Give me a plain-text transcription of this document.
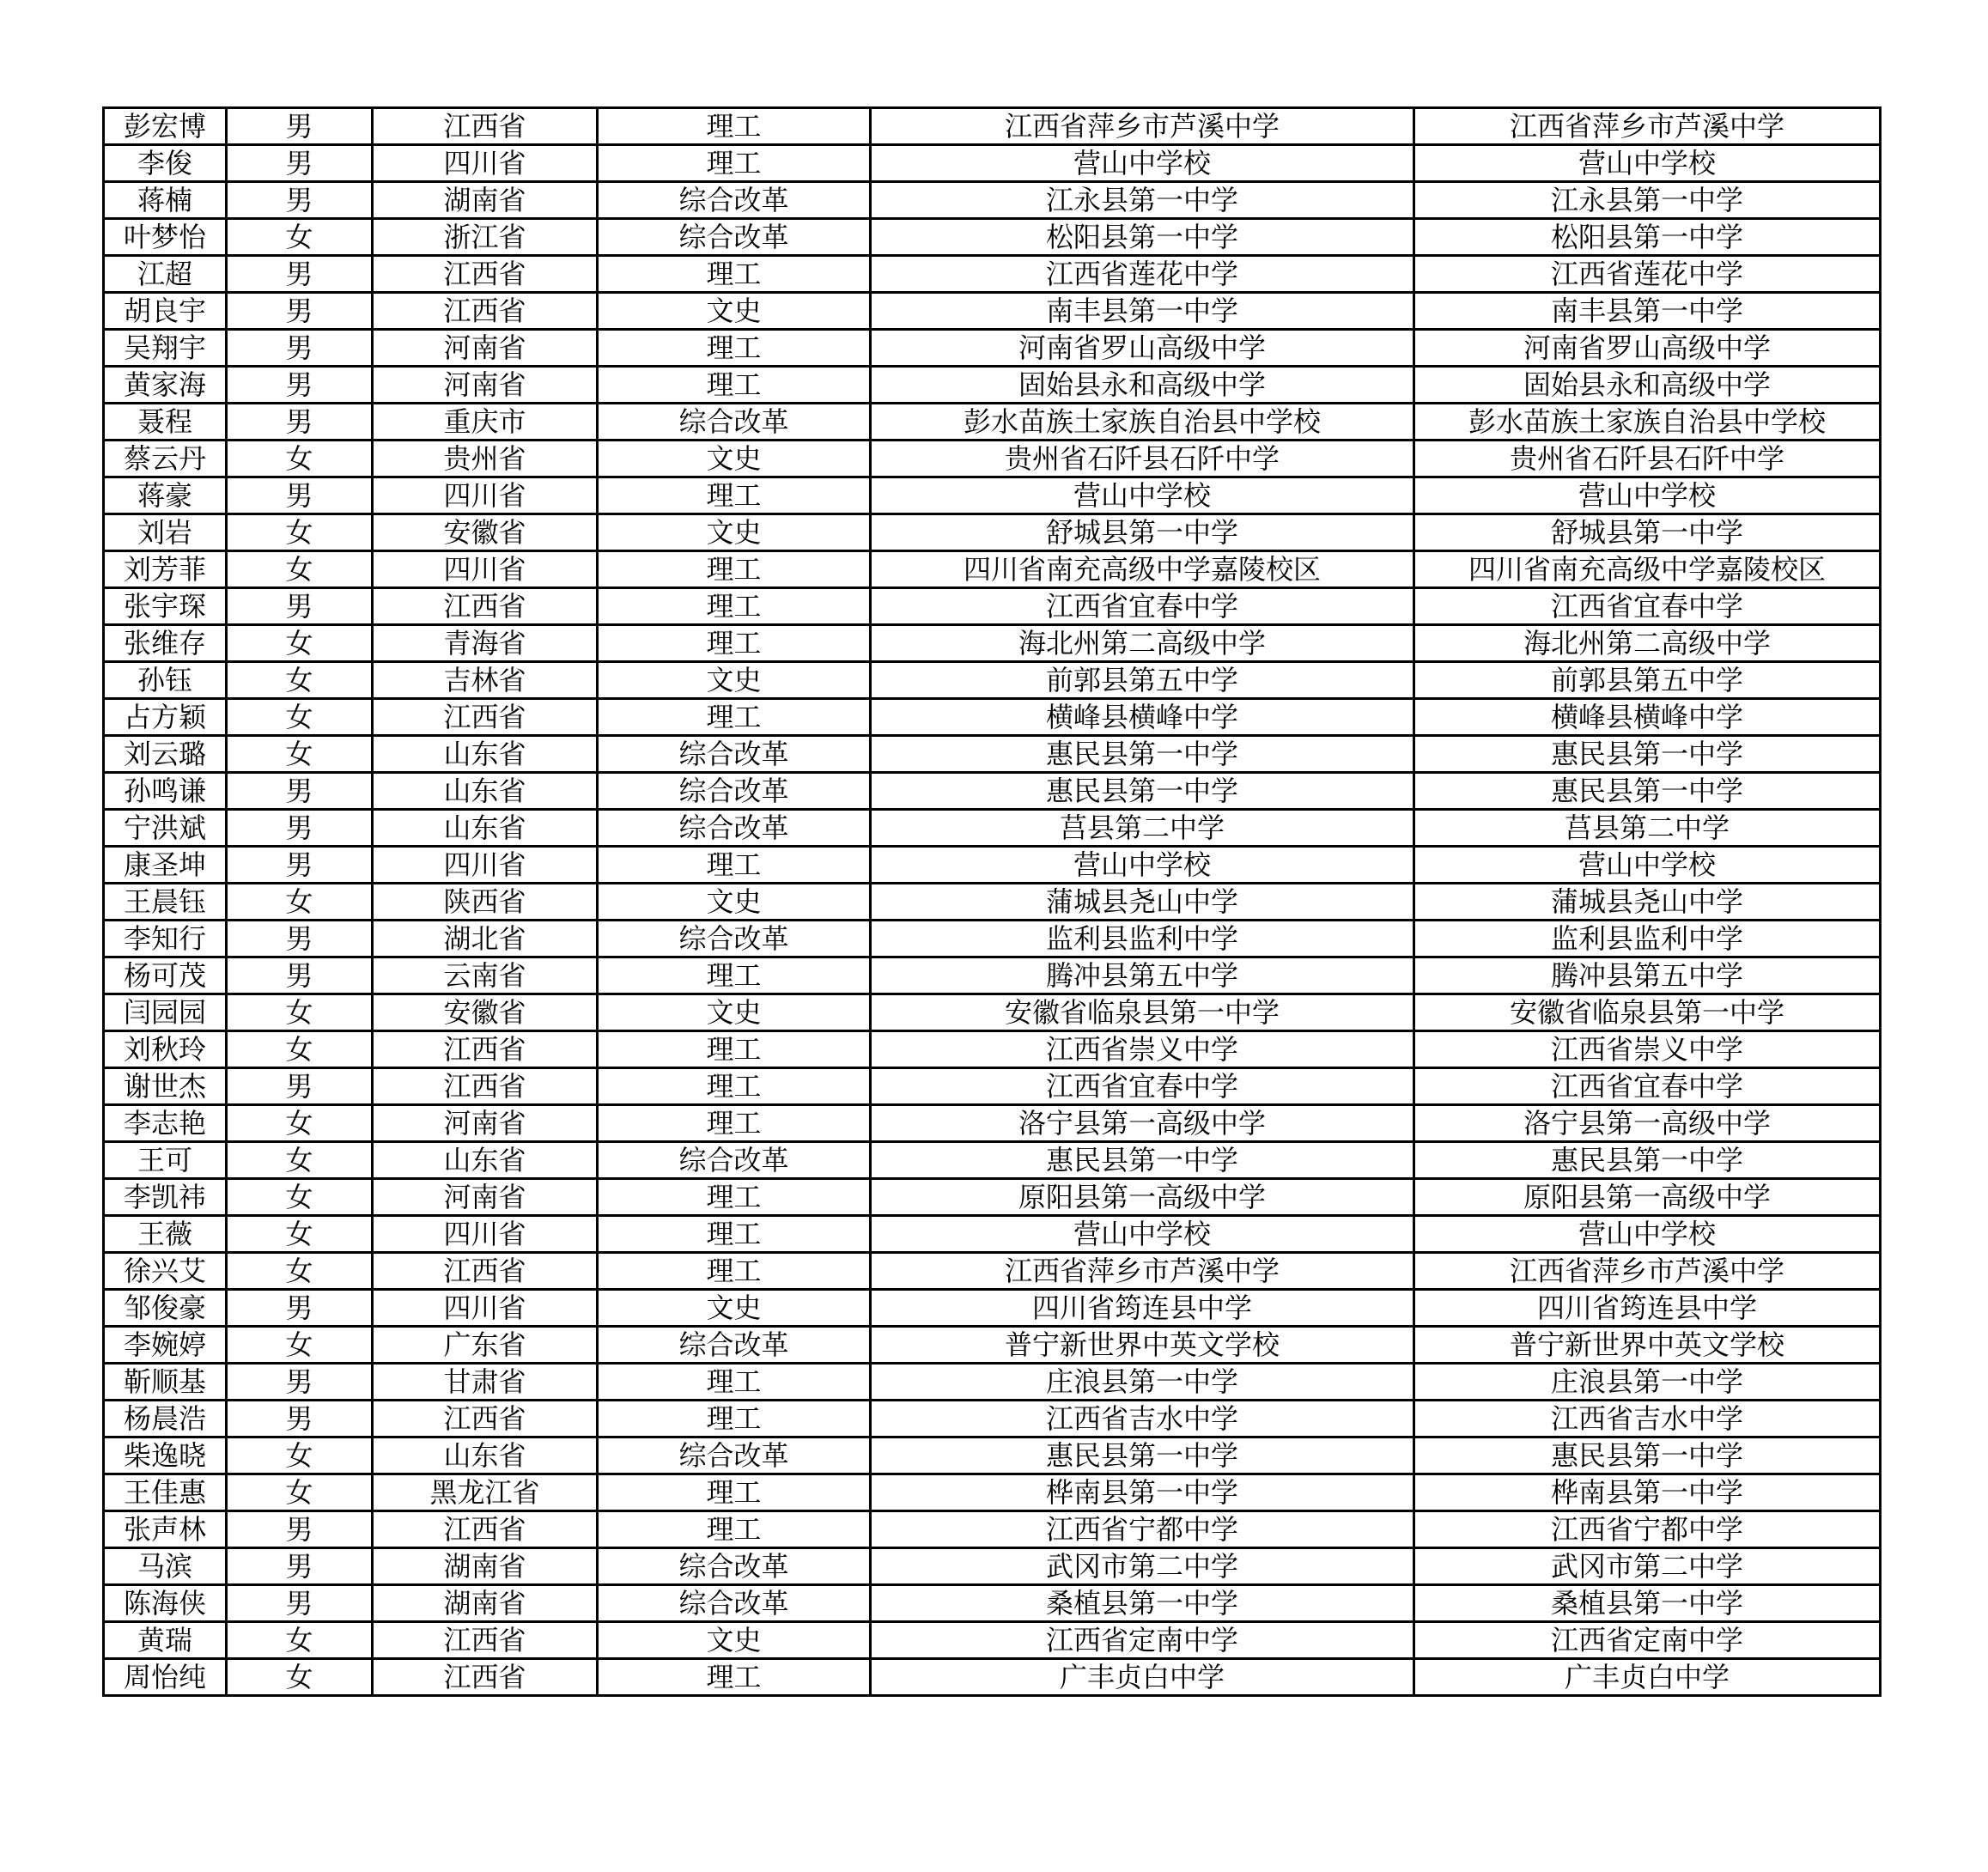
彭宏博	男	江西省	理工	江西省萍乡市芦溪中学	江西省萍乡市芦溪中学
李俊	男	四川省	理工	营山中学校	营山中学校
蒋楠	男	湖南省	综合改革	江永县第一中学	江永县第一中学
叶梦怡	女	浙江省	综合改革	松阳县第一中学	松阳县第一中学
江超	男	江西省	理工	江西省莲花中学	江西省莲花中学
胡良宇	男	江西省	文史	南丰县第一中学	南丰县第一中学
吴翔宇	男	河南省	理工	河南省罗山高级中学	河南省罗山高级中学
黄家海	男	河南省	理工	固始县永和高级中学	固始县永和高级中学
聂程	男	重庆市	综合改革	彭水苗族土家族自治县中学校	彭水苗族土家族自治县中学校
蔡云丹	女	贵州省	文史	贵州省石阡县石阡中学	贵州省石阡县石阡中学
蒋豪	男	四川省	理工	营山中学校	营山中学校
刘岩	女	安徽省	文史	舒城县第一中学	舒城县第一中学
刘芳菲	女	四川省	理工	四川省南充高级中学嘉陵校区	四川省南充高级中学嘉陵校区
张宇琛	男	江西省	理工	江西省宜春中学	江西省宜春中学
张维存	女	青海省	理工	海北州第二高级中学	海北州第二高级中学
孙钰	女	吉林省	文史	前郭县第五中学	前郭县第五中学
占方颖	女	江西省	理工	横峰县横峰中学	横峰县横峰中学
刘云璐	女	山东省	综合改革	惠民县第一中学	惠民县第一中学
孙鸣谦	男	山东省	综合改革	惠民县第一中学	惠民县第一中学
宁洪斌	男	山东省	综合改革	莒县第二中学	莒县第二中学
康圣坤	男	四川省	理工	营山中学校	营山中学校
王晨钰	女	陕西省	文史	蒲城县尧山中学	蒲城县尧山中学
李知行	男	湖北省	综合改革	监利县监利中学	监利县监利中学
杨可茂	男	云南省	理工	腾冲县第五中学	腾冲县第五中学
闫园园	女	安徽省	文史	安徽省临泉县第一中学	安徽省临泉县第一中学
刘秋玲	女	江西省	理工	江西省崇义中学	江西省崇义中学
谢世杰	男	江西省	理工	江西省宜春中学	江西省宜春中学
李志艳	女	河南省	理工	洛宁县第一高级中学	洛宁县第一高级中学
王可	女	山东省	综合改革	惠民县第一中学	惠民县第一中学
李凯祎	女	河南省	理工	原阳县第一高级中学	原阳县第一高级中学
王薇	女	四川省	理工	营山中学校	营山中学校
徐兴艾	女	江西省	理工	江西省萍乡市芦溪中学	江西省萍乡市芦溪中学
邹俊豪	男	四川省	文史	四川省筠连县中学	四川省筠连县中学
李婉婷	女	广东省	综合改革	普宁新世界中英文学校	普宁新世界中英文学校
靳顺基	男	甘肃省	理工	庄浪县第一中学	庄浪县第一中学
杨晨浩	男	江西省	理工	江西省吉水中学	江西省吉水中学
柴逸晓	女	山东省	综合改革	惠民县第一中学	惠民县第一中学
王佳惠	女	黑龙江省	理工	桦南县第一中学	桦南县第一中学
张声林	男	江西省	理工	江西省宁都中学	江西省宁都中学
马滨	男	湖南省	综合改革	武冈市第二中学	武冈市第二中学
陈海侠	男	湖南省	综合改革	桑植县第一中学	桑植县第一中学
黄瑞	女	江西省	文史	江西省定南中学	江西省定南中学
周怡纯	女	江西省	理工	广丰贞白中学	广丰贞白中学
